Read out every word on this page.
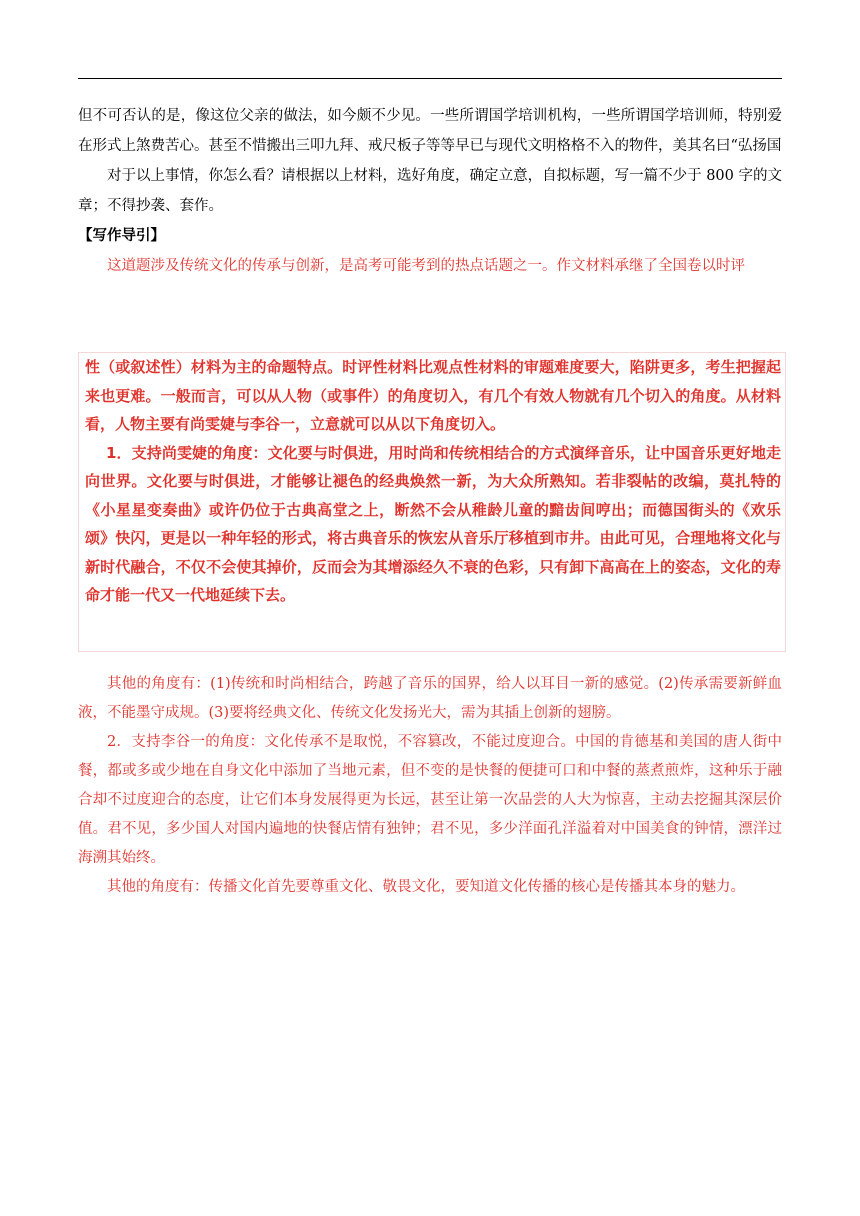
但不可否认的是，像这位父亲的做法，如今颇不少见。一些所谓国学培训机构，一些所谓国学培训师，特别爱在形式上煞费苦心。甚至不惜搬出三叩九拜、戒尺板子等等早已与现代文明格格不入的物件，美其名曰“弘扬国

对于以上事情，你怎么看？请根据以上材料，选好角度，确定立意，自拟标题，写一篇不少于 800 字的文章；不得抄袭、套作。

【写作导引】

这道题涉及传统文化的传承与创新，是高考可能考到的热点话题之一。作文材料承继了全国卷以时评

性（或叙述性）材料为主的命题特点。时评性材料比观点性材料的审题难度要大，陷阱更多，考生把握起来也更难。一般而言，可以从人物（或事件）的角度切入，有几个有效人物就有几个切入的角度。从材料看，人物主要有尚雯婕与李谷一，立意就可以从以下角度切入。

1．支持尚雯婕的角度：文化要与时俱进，用时尚和传统相结合的方式演绎音乐，让中国音乐更好地走向世界。文化要与时俱进，才能够让褪色的经典焕然一新，为大众所熟知。若非裂帖的改编，莫扎特的《小星星变奏曲》或许仍位于古典高堂之上，断然不会从稚龄儿童的黯齿间哼出；而德国街头的《欢乐颂》快闪，更是以一种年轻的形式，将古典音乐的恢宏从音乐厅移植到市井。由此可见，合理地将文化与新时代融合，不仅不会使其掉价，反而会为其增添经久不衰的色彩，只有卸下高高在上的姿态，文化的寿命才能一代又一代地延续下去。

其他的角度有：(1)传统和时尚相结合，跨越了音乐的国界，给人以耳目一新的感觉。(2)传承需要新鲜血液，不能墨守成规。(3)要将经典文化、传统文化发扬光大，需为其插上创新的翅膀。

2．支持李谷一的角度：文化传承不是取悦，不容篡改，不能过度迎合。中国的肯德基和美国的唐人街中餐，都或多或少地在自身文化中添加了当地元素，但不变的是快餐的便捷可口和中餐的蒸煮煎炸，这种乐于融合却不过度迎合的态度，让它们本身发展得更为长远，甚至让第一次品尝的人大为惊喜，主动去挖掘其深层价值。君不见，多少国人对国内遍地的快餐店情有独钟；君不见，多少洋面孔洋溢着对中国美食的钟情，漂洋过海溯其始终。

其他的角度有：传播文化首先要尊重文化、敬畏文化，要知道文化传播的核心是传播其本身的魅力。
